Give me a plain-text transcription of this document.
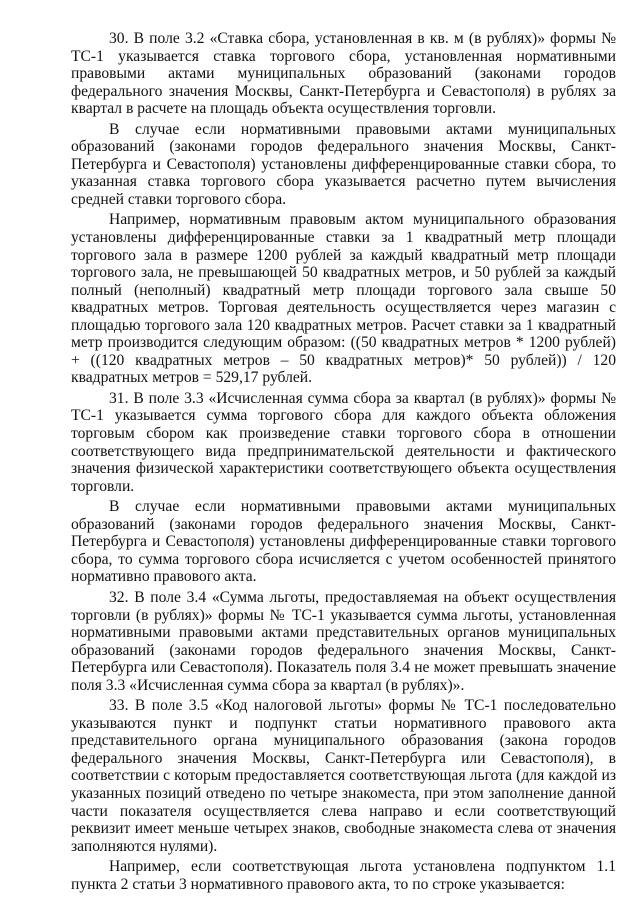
30. В поле 3.2 «Ставка сбора, установленная в кв. м (в рублях)» формы № ТС-1 указывается ставка торгового сбора, установленная нормативными правовыми актами муниципальных образований (законами городов федерального значения Москвы, Санкт-Петербурга и Севастополя) в рублях за квартал в расчете на площадь объекта осуществления торговли.

В случае если нормативными правовыми актами муниципальных образований (законами городов федерального значения Москвы, Санкт-Петербурга и Севастополя) установлены дифференцированные ставки сбора, то указанная ставка торгового сбора указывается расчетно путем вычисления средней ставки торгового сбора.

Например, нормативным правовым актом муниципального образования установлены дифференцированные ставки за 1 квадратный метр площади торгового зала в размере 1200 рублей за каждый квадратный метр площади торгового зала, не превышающей 50 квадратных метров, и 50 рублей за каждый полный (неполный) квадратный метр площади торгового зала свыше 50 квадратных метров. Торговая деятельность осуществляется через магазин с площадью торгового зала 120 квадратных метров. Расчет ставки за 1 квадратный метр производится следующим образом: ((50 квадратных метров * 1200 рублей) + ((120 квадратных метров – 50 квадратных метров)* 50 рублей)) / 120 квадратных метров = 529,17 рублей.

31. В поле 3.3 «Исчисленная сумма сбора за квартал (в рублях)» формы № ТС-1 указывается сумма торгового сбора для каждого объекта обложения торговым сбором как произведение ставки торгового сбора в отношении соответствующего вида предпринимательской деятельности и фактического значения физической характеристики соответствующего объекта осуществления торговли.

В случае если нормативными правовыми актами муниципальных образований (законами городов федерального значения Москвы, Санкт-Петербурга и Севастополя) установлены дифференцированные ставки торгового сбора, то сумма торгового сбора исчисляется с учетом особенностей принятого нормативно правового акта.

32. В поле 3.4 «Сумма льготы, предоставляемая на объект осуществления торговли (в рублях)» формы № ТС-1 указывается сумма льготы, установленная нормативными правовыми актами представительных органов муниципальных образований (законами городов федерального значения Москвы, Санкт-Петербурга или Севастополя). Показатель поля 3.4 не может превышать значение поля 3.3 «Исчисленная сумма сбора за квартал (в рублях)».

33. В поле 3.5 «Код налоговой льготы» формы № ТС-1 последовательно указываются пункт и подпункт статьи нормативного правового акта представительного органа муниципального образования (закона городов федерального значения Москвы, Санкт-Петербурга или Севастополя), в соответствии с которым предоставляется соответствующая льгота (для каждой из указанных позиций отведено по четыре знакоместа, при этом заполнение данной части показателя осуществляется слева направо и если соответствующий реквизит имеет меньше четырех знаков, свободные знакоместа слева от значения заполняются нулями).

Например, если соответствующая льгота установлена подпунктом 1.1 пункта 2 статьи 3 нормативного правового акта, то по строке указывается:
